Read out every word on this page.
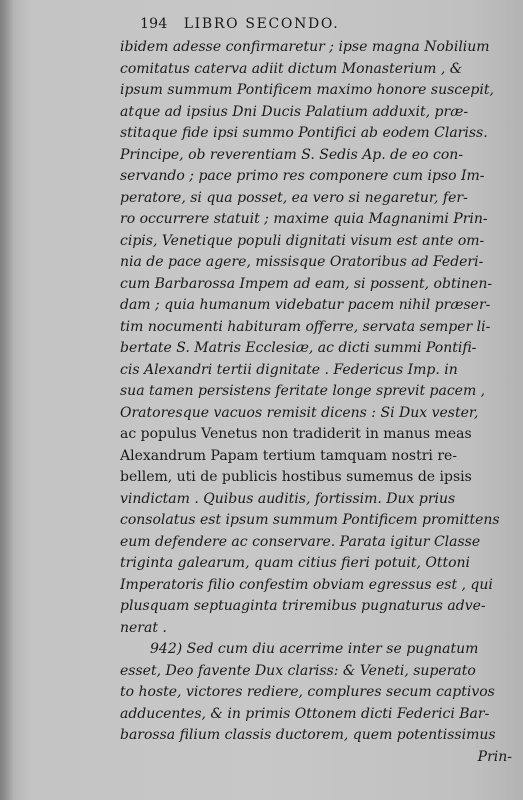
194 LIBRO SECONDO.
ibidem adesse confirmaretur ; ipse magna Nobilium
comitatus caterva adiit dictum Monasterium , &
ipsum summum Pontificem maximo honore suscepit,
atque ad ipsius Dni Ducis Palatium adduxit, præ-
stitaque fide ipsi summo Pontifici ab eodem Clariss.
Principe, ob reverentiam S. Sedis Ap. de eo con-
servando ; pace primo res componere cum ipso Im-
peratore, si qua posset, ea vero si negaretur, fer-
ro occurrere statuit ; maxime quia Magnanimi Prin-
cipis, Venetique populi dignitati visum est ante om-
nia de pace agere, missisque Oratoribus ad Federi-
cum Barbarossa Impem ad eam, si possent, obtinen-
dam ; quia humanum videbatur pacem nihil præser-
tim nocumenti habituram offerre, servata semper li-
bertate S. Matris Ecclesiæ, ac dicti summi Pontifi-
cis Alexandri tertii dignitate . Federicus Imp. in
sua tamen persistens feritate longe sprevit pacem ,
Oratoresque vacuos remisit dicens : Si Dux vester,
ac populus Venetus non tradiderit in manus meas
Alexandrum Papam tertium tamquam nostri re-
bellem, uti de publicis hostibus sumemus de ipsis
vindictam . Quibus auditis, fortissim. Dux prius
consolatus est ipsum summum Pontificem promittens
eum defendere ac conservare. Parata igitur Classe
triginta galearum, quam citius fieri potuit, Ottoni
Imperatoris filio confestim obviam egressus est , qui
plusquam septuaginta triremibus pugnaturus adve-
nerat .
942) Sed cum diu acerrime inter se pugnatum
esset, Deo favente Dux clariss: & Veneti, superato
to hoste, victores rediere, complures secum captivos
adducentes, & in primis Ottonem dicti Federici Bar-
barossa filium classis ductorem, quem potentissimus
Prin-
